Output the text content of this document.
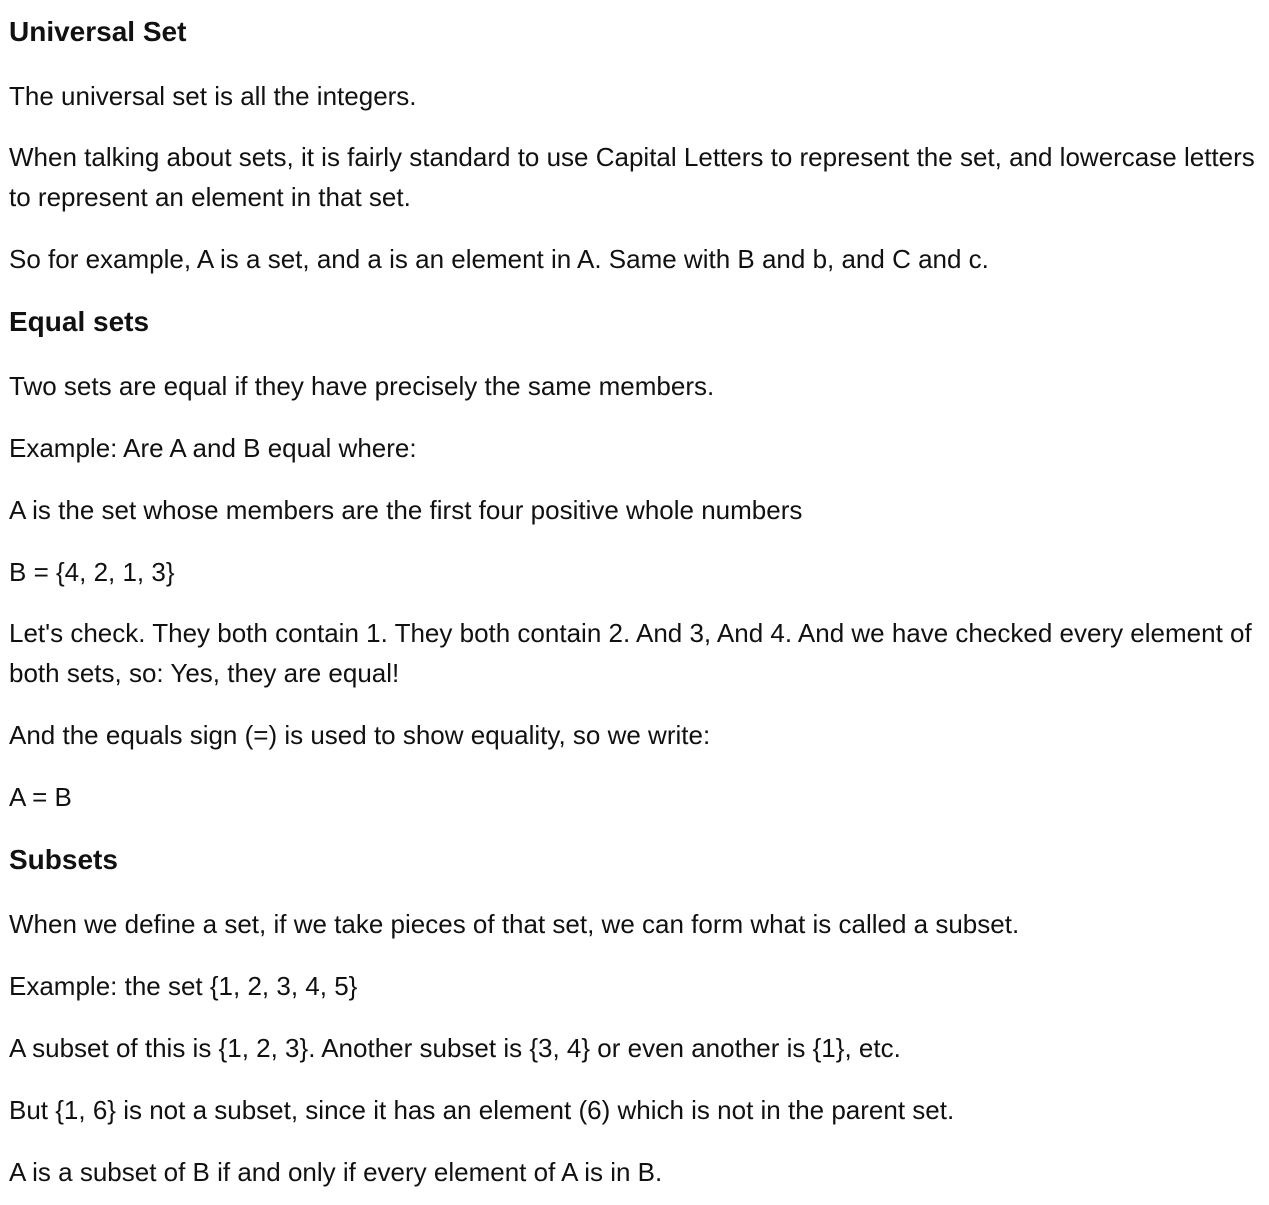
Universal Set

The universal set is all the integers.

When talking about sets, it is fairly standard to use Capital Letters to represent the set, and lowercase letters to represent an element in that set.

So for example, A is a set, and a is an element in A. Same with B and b, and C and c.

Equal sets

Two sets are equal if they have precisely the same members.

Example: Are A and B equal where:

A is the set whose members are the first four positive whole numbers

B = {4, 2, 1, 3}

Let's check. They both contain 1. They both contain 2. And 3, And 4. And we have checked every element of both sets, so: Yes, they are equal!

And the equals sign (=) is used to show equality, so we write:

A = B

Subsets

When we define a set, if we take pieces of that set, we can form what is called a subset.

Example: the set {1, 2, 3, 4, 5}

A subset of this is {1, 2, 3}. Another subset is {3, 4} or even another is {1}, etc.

But {1, 6} is not a subset, since it has an element (6) which is not in the parent set.

A is a subset of B if and only if every element of A is in B.
